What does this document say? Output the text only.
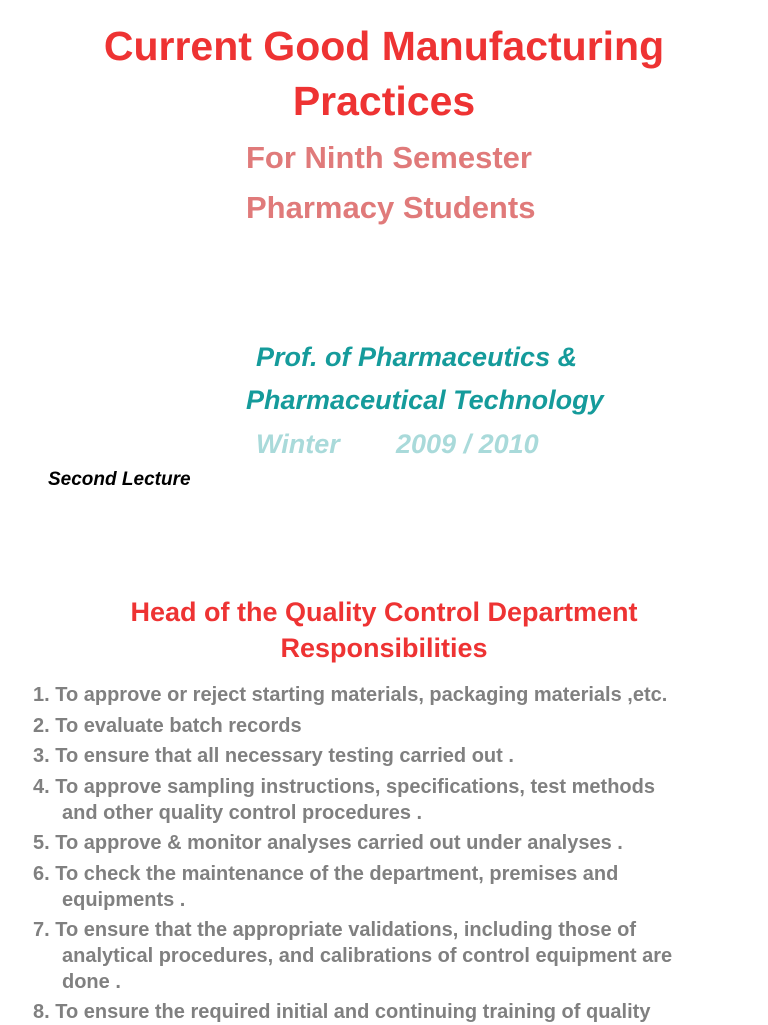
Current Good Manufacturing
Practices
For Ninth Semester
Pharmacy Students
Prof. of Pharmaceutics &
Pharmaceutical Technology
Winter 2009 / 2010
Second Lecture
Head of the Quality Control Department
Responsibilities
1. To approve or reject starting materials, packaging materials ,etc.
2. To evaluate batch records
3. To ensure that all necessary testing carried out .
4. To approve sampling instructions, specifications, test methods
and other quality control procedures .
5. To approve & monitor analyses carried out under analyses .
6. To check the maintenance of the department, premises and
equipments .
7. To ensure that the appropriate validations, including those of
analytical procedures, and calibrations of control equipment are
done .
8. To ensure the required initial and continuing training of quality
